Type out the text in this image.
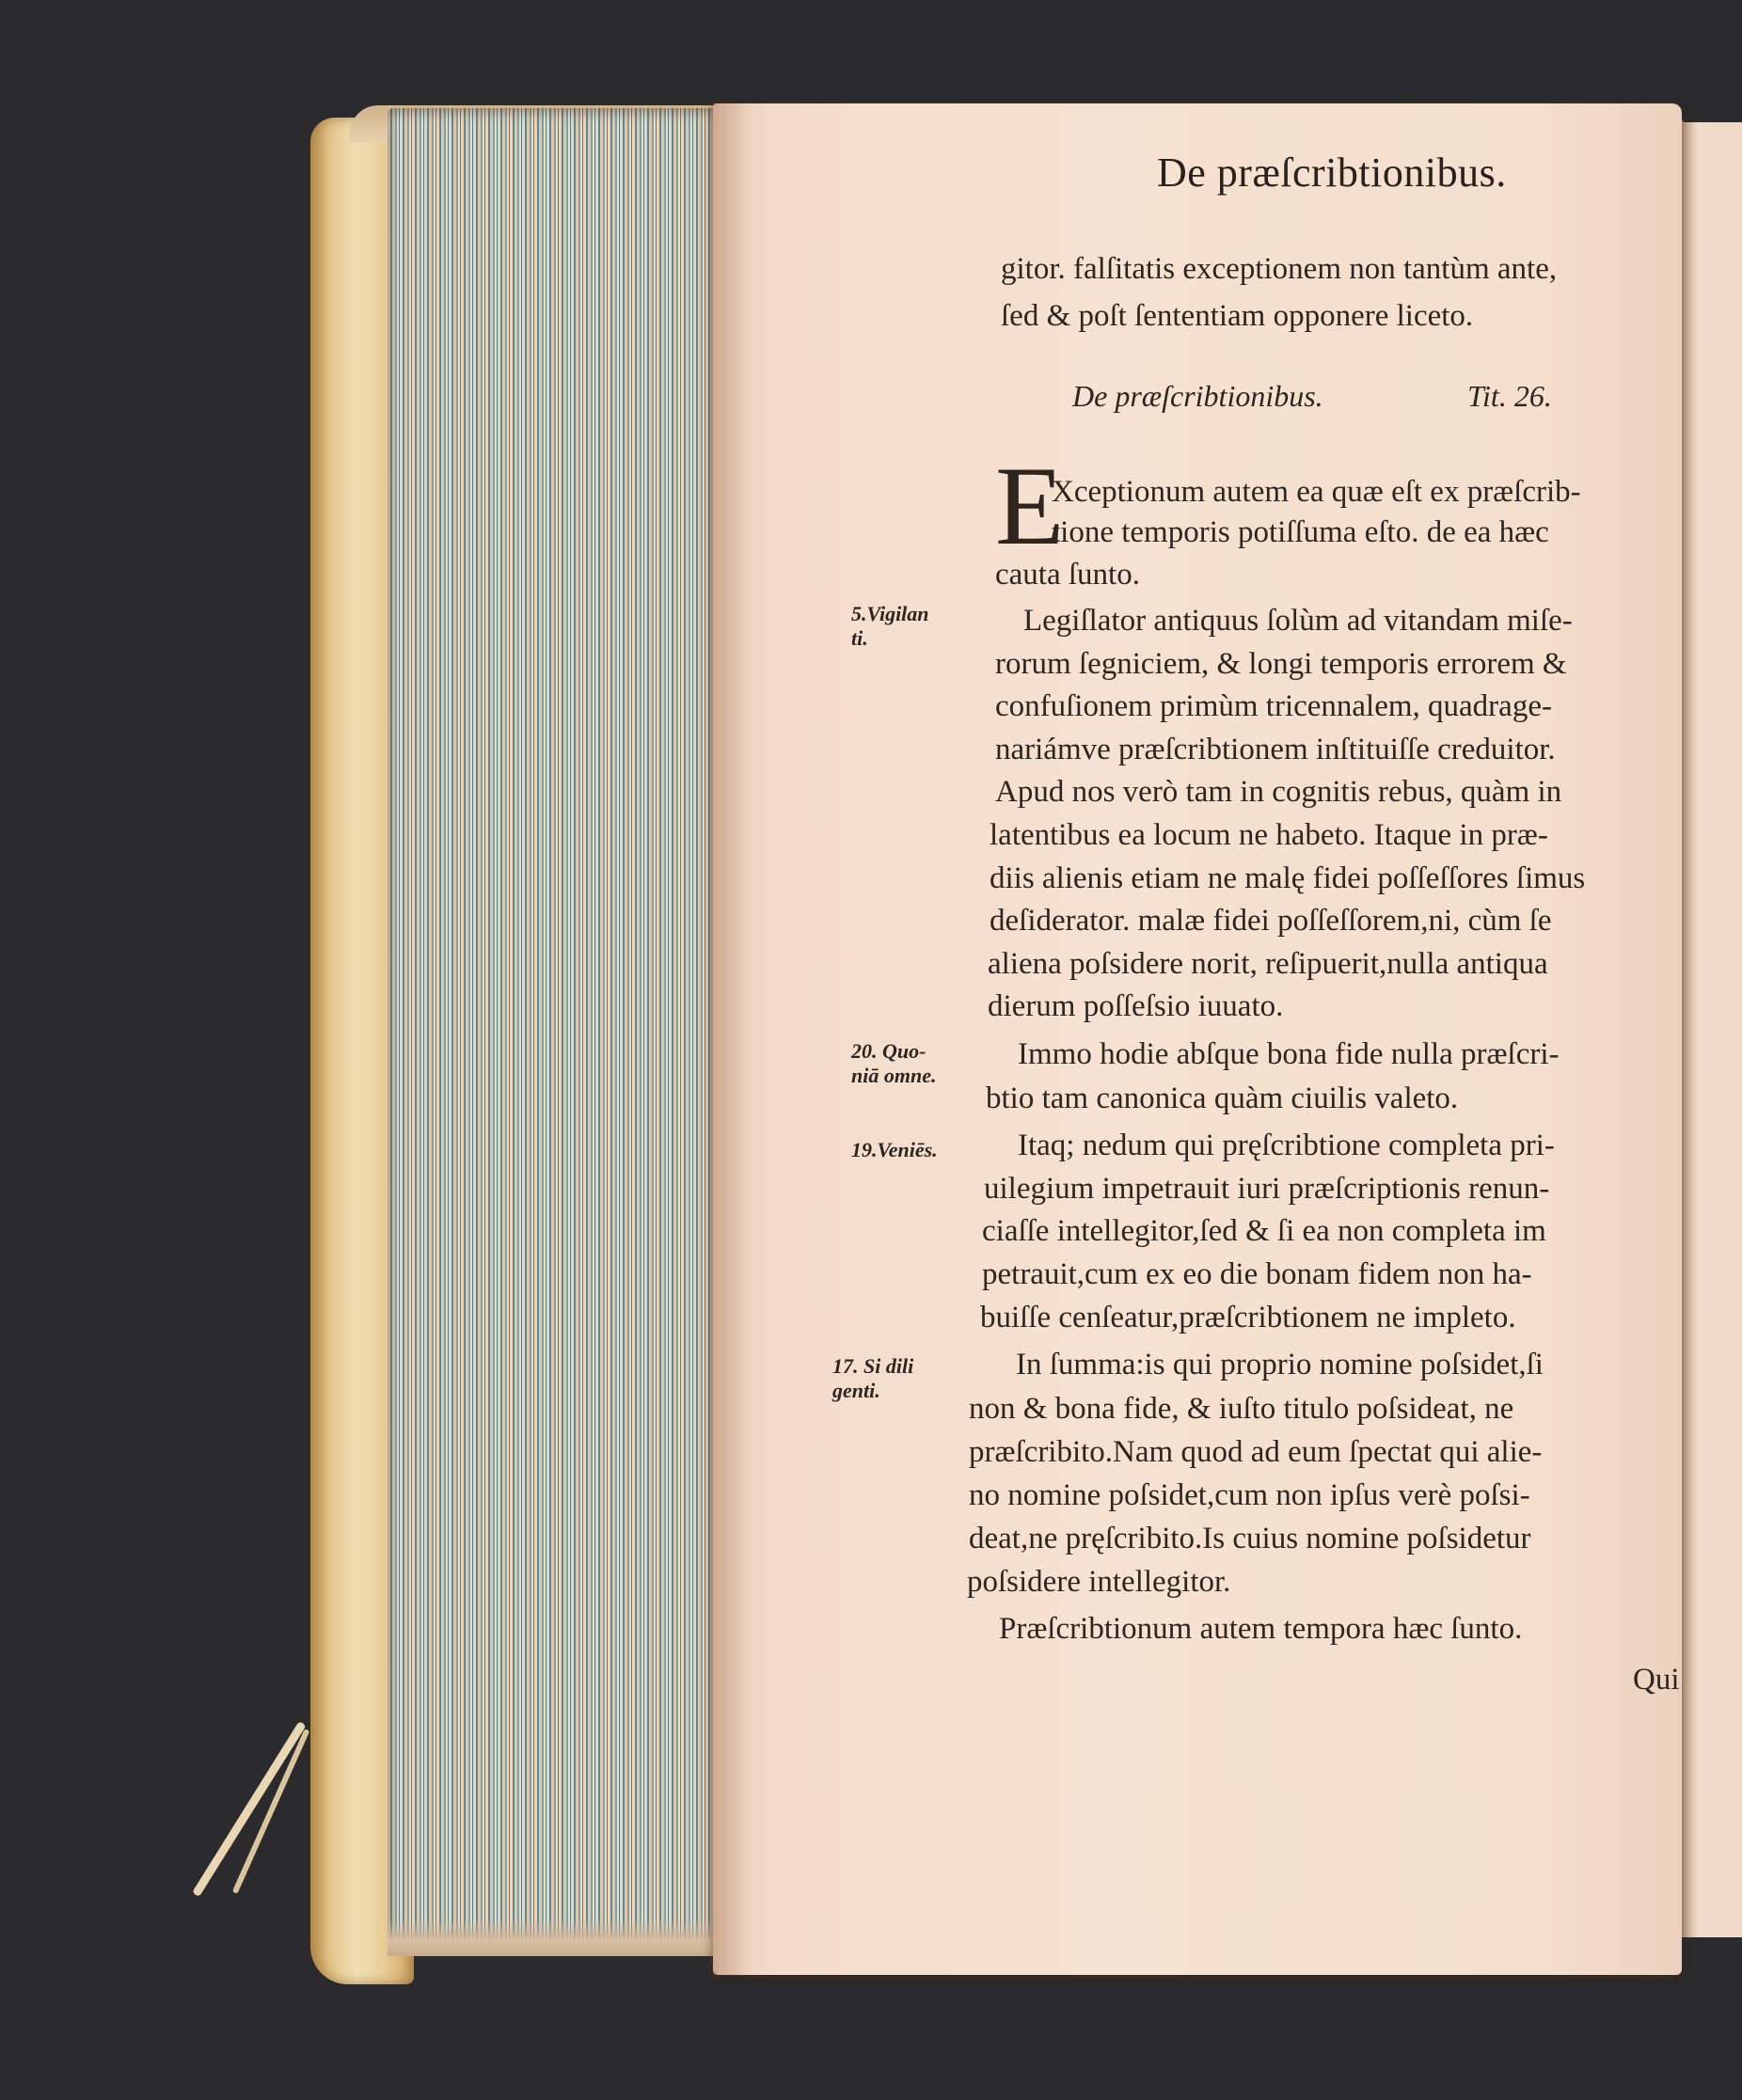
De præſcribtionibus.
gitor. falſitatis exceptionem non tantùm ante,
ſed & poſt ſententiam opponere liceto.
De præſcribtionibus.	Tit. 26.
E
Xceptionum autem ea quæ eſt ex præſcrib-
tione temporis potiſſuma eſto. de ea hæc
cauta ſunto.
Legiſlator antiquus ſolùm ad vitandam miſe-
rorum ſegniciem, & longi temporis errorem &
confuſionem primùm tricennalem, quadrage-
nariámve præſcribtionem inſtituiſſe creduitor.
Apud nos verò tam in cognitis rebus, quàm in
latentibus ea locum ne habeto. Itaque in præ-
diis alienis etiam ne malę fidei poſſeſſores ſimus
deſiderator. malæ fidei poſſeſſorem,ni, cùm ſe
aliena poſsidere norit, reſipuerit,nulla antiqua
dierum poſſeſsio iuuato.
Immo hodie abſque bona fide nulla præſcri-
btio tam canonica quàm ciuilis valeto.
Itaq; nedum qui pręſcribtione completa pri-
uilegium impetrauit iuri præſcriptionis renun-
ciaſſe intellegitor,ſed & ſi ea non completa im
petrauit,cum ex eo die bonam fidem non ha-
buiſſe cenſeatur,præſcribtionem ne impleto.
In ſumma:is qui proprio nomine poſsidet,ſi
non & bona fide, & iuſto titulo poſsideat, ne
præſcribito.Nam quod ad eum ſpectat qui alie-
no nomine poſsidet,cum non ipſus verè poſsi-
deat,ne pręſcribito.Is cuius nomine poſsidetur
poſsidere intellegitor.
Præſcribtionum autem tempora hæc ſunto.
Qui
5.Vigilan
ti.
20. Quo-
niā omne.
19.Veniēs.
17. Si dili
genti.
